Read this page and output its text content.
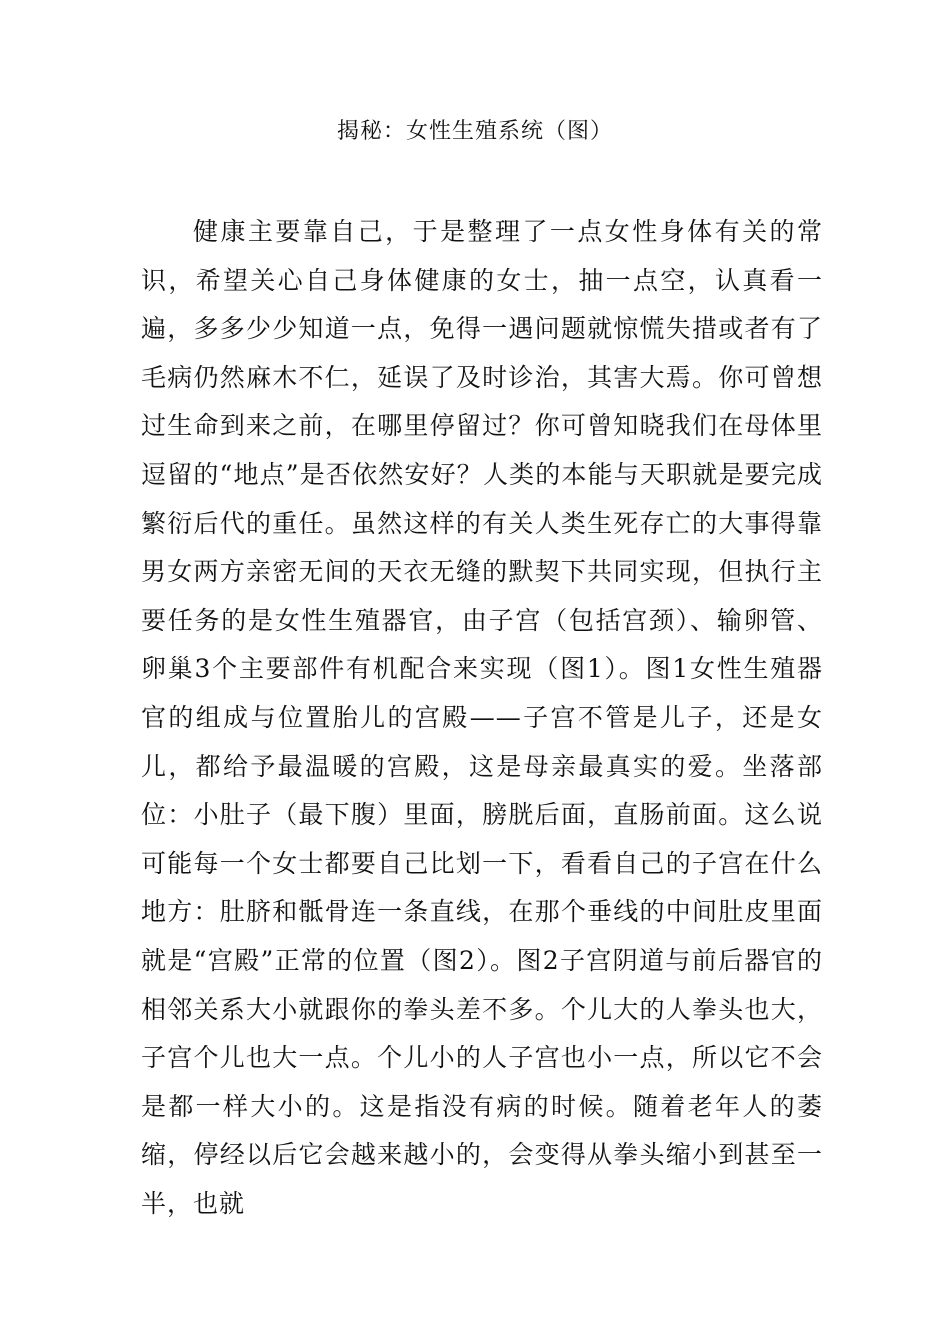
揭秘：女性生殖系统（图）

健康主要靠自己，于是整理了一点女性身体有关的常识，希望关心自己身体健康的女士，抽一点空，认真看一遍，多多少少知道一点，免得一遇问题就惊慌失措或者有了毛病仍然麻木不仁，延误了及时诊治，其害大焉。你可曾想过生命到来之前，在哪里停留过？你可曾知晓我们在母体里逗留的“地点”是否依然安好？人类的本能与天职就是要完成繁衍后代的重任。虽然这样的有关人类生死存亡的大事得靠男女两方亲密无间的天衣无缝的默契下共同实现，但执行主要任务的是女性生殖器官，由子宫（包括宫颈）、输卵管、卵巢3个主要部件有机配合来实现（图1）。图1女性生殖器官的组成与位置胎儿的宫殿——子宫不管是儿子，还是女儿，都给予最温暖的宫殿，这是母亲最真实的爱。坐落部位：小肚子（最下腹）里面，膀胱后面，直肠前面。这么说可能每一个女士都要自己比划一下，看看自己的子宫在什么地方：肚脐和骶骨连一条直线，在那个垂线的中间肚皮里面就是“宫殿”正常的位置（图2）。图2子宫阴道与前后器官的相邻关系大小就跟你的拳头差不多。个儿大的人拳头也大，子宫个儿也大一点。个儿小的人子宫也小一点，所以它不会是都一样大小的。这是指没有病的时候。随着老年人的萎缩，停经以后它会越来越小的，会变得从拳头缩小到甚至一半，也就
